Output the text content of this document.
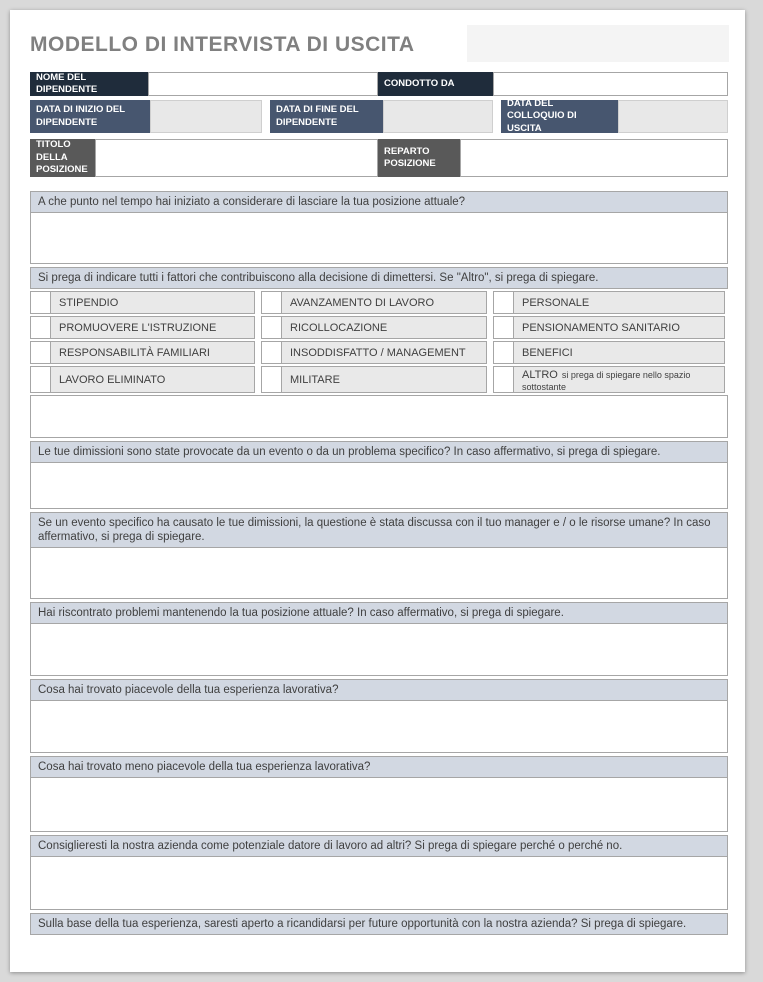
MODELLO DI INTERVISTA DI USCITA
NOME DEL DIPENDENTE
CONDOTTO DA
DATA DI INIZIO DEL DIPENDENTE
DATA DI FINE DEL DIPENDENTE
DATA DEL COLLOQUIO DI USCITA
TITOLO DELLA POSIZIONE
REPARTO POSIZIONE
A che punto nel tempo hai iniziato a considerare di lasciare la tua posizione attuale?
Si prega di indicare tutti i fattori che contribuiscono alla decisione di dimettersi. Se "Altro", si prega di spiegare.
STIPENDIO	AVANZAMENTO DI LAVORO	PERSONALE
PROMUOVERE L'ISTRUZIONE	RICOLLOCAZIONE	PENSIONAMENTO SANITARIO
RESPONSABILITÀ FAMILIARI	INSODDISFATTO / MANAGEMENT	BENEFICI
LAVORO ELIMINATO	MILITARE	ALTRO si prega di spiegare nello spazio sottostante
Le tue dimissioni sono state provocate da un evento o da un problema specifico? In caso affermativo, si prega di spiegare.
Se un evento specifico ha causato le tue dimissioni, la questione è stata discussa con il tuo manager e / o le risorse umane? In caso affermativo, si prega di spiegare.
Hai riscontrato problemi mantenendo la tua posizione attuale? In caso affermativo, si prega di spiegare.
Cosa hai trovato piacevole della tua esperienza lavorativa?
Cosa hai trovato meno piacevole della tua esperienza lavorativa?
Consiglieresti la nostra azienda come potenziale datore di lavoro ad altri? Si prega di spiegare perché o perché no.
Sulla base della tua esperienza, saresti aperto a ricandidarsi per future opportunità con la nostra azienda? Si prega di spiegare.
